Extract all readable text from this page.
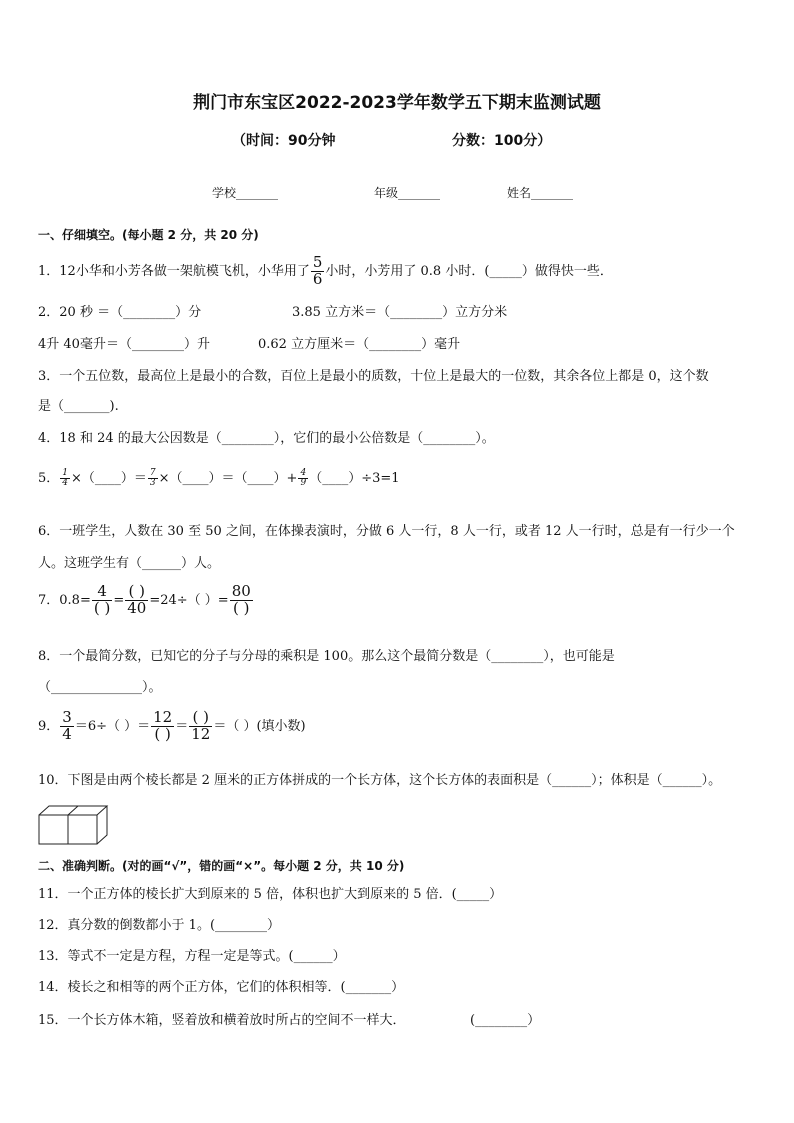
荆门市东宝区2022-2023学年数学五下期末监测试题
（时间：90分钟	分数：100分）
学校_______	年级_______	姓名_______
一、仔细填空。(每小题 2 分，共 20 分)
1．12小华和小芳各做一架航模飞机，小华用了 $\frac{5}{6}$ 小时，小芳用了 0.8 小时．(_____）做得快一些．
2．20 秒 ＝（________）分	3.85 立方米＝（________）立方分米
4升 40毫升＝（________）升	0.62 立方厘米＝（________）毫升
3．一个五位数，最高位上是最小的合数，百位上是最小的质数，十位上是最大的一位数，其余各位上都是 0，这个数
是（_______).
4．18 和 24 的最大公因数是（________），它们的最小公倍数是（________）。
5． $\frac{1}{4}$ ×（____）＝ $\frac{7}{3}$ ×（____）＝（____）+ $\frac{4}{9}$ （____）÷3=1
6．一班学生，人数在 30 至 50 之间，在体操表演时，分做 6 人一行，8 人一行，或者 12 人一行时，总是有一行少一个
人。这班学生有（______）人。
7．$0.8= \frac{4}{( )} = \frac{( )}{40} =24\div$（ ）= $\frac{80}{( )}$
8．一个最简分数，已知它的分子与分母的乘积是 100。那么这个最简分数是（________），也可能是
（______________）。
9． $\frac{3}{4} =6\div$（ ）＝ $\frac{12}{( )} = \frac{( )}{12}$ ＝（ ）(填小数)
10．下图是由两个棱长都是 2 厘米的正方体拼成的一个长方体，这个长方体的表面积是（______）；体积是（______）。
二、准确判断。(对的画“√”，错的画“×”。每小题 2 分，共 10 分)
11．一个正方体的棱长扩大到原来的 5 倍，体积也扩大到原来的 5 倍．(_____）
12．真分数的倒数都小于 1。(________）
13．等式不一定是方程，方程一定是等式。(______）
14．棱长之和相等的两个正方体，它们的体积相等．(_______）
15．一个长方体木箱，竖着放和横着放时所占的空间不一样大．	(________）
